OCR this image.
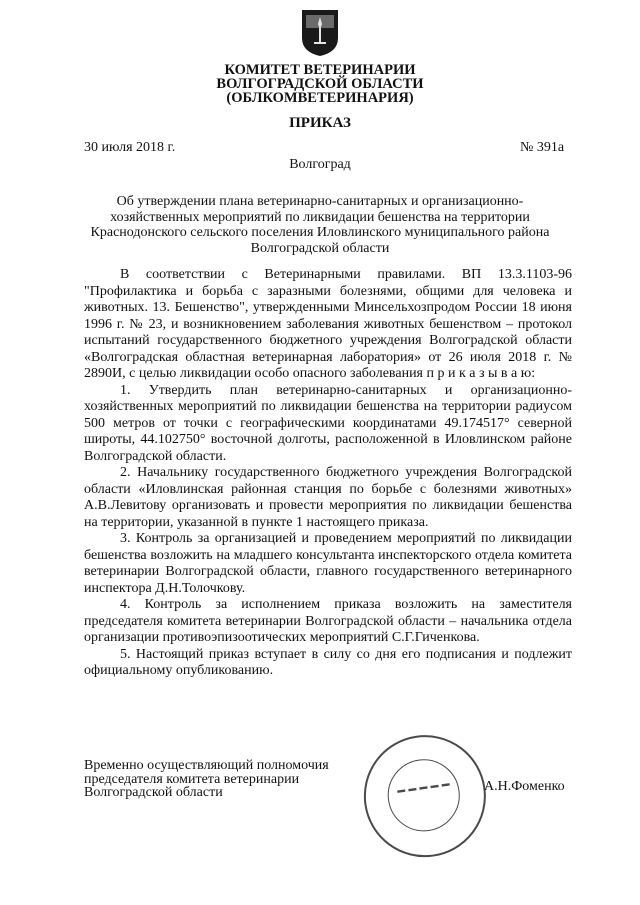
КОМИТЕТ ВЕТЕРИНАРИИ
ВОЛГОГРАДСКОЙ ОБЛАСТИ
(ОБЛКОМВЕТЕРИНАРИЯ)
ПРИКАЗ
30 июля 2018 г.	№ 391а
Волгоград
Об утверждении плана ветеринарно-санитарных и организационно-хозяйственных мероприятий по ликвидации бешенства на территории Краснодонского сельского поселения Иловлинского муниципального района Волгоградской области

В соответствии с Ветеринарными правилами. ВП 13.3.1103-96 "Профилактика и борьба с заразными болезнями, общими для человека и животных. 13. Бешенство", утвержденными Минсельхозпродом России 18 июня 1996 г. № 23, и возникновением заболевания животных бешенством – протокол испытаний государственного бюджетного учреждения Волгоградской области «Волгоградская областная ветеринарная лаборатория» от 26 июля 2018 г. № 2890И, с целью ликвидации особо опасного заболевания п р и к а з ы в а ю:

1. Утвердить план ветеринарно-санитарных и организационно-хозяйственных мероприятий по ликвидации бешенства на территории радиусом 500 метров от точки с географическими координатами 49.174517° северной широты, 44.102750° восточной долготы, расположенной в Иловлинском районе Волгоградской области.

2. Начальнику государственного бюджетного учреждения Волгоградской области «Иловлинская районная станция по борьбе с болезнями животных» А.В.Левитову организовать и провести мероприятия по ликвидации бешенства на территории, указанной в пункте 1 настоящего приказа.

3. Контроль за организацией и проведением мероприятий по ликвидации бешенства возложить на младшего консультанта инспекторского отдела комитета ветеринарии Волгоградской области, главного государственного ветеринарного инспектора Д.Н.Толочкову.

4. Контроль за исполнением приказа возложить на заместителя председателя комитета ветеринарии Волгоградской области – начальника отдела организации противоэпизоотических мероприятий С.Г.Гиченкова.

5. Настоящий приказ вступает в силу со дня его подписания и подлежит официальному опубликованию.

Временно осуществляющий полномочия
председателя комитета ветеринарии
Волгоградской области	▬ ▬ ▬ ▬ ▬	А.Н.Фоменко
